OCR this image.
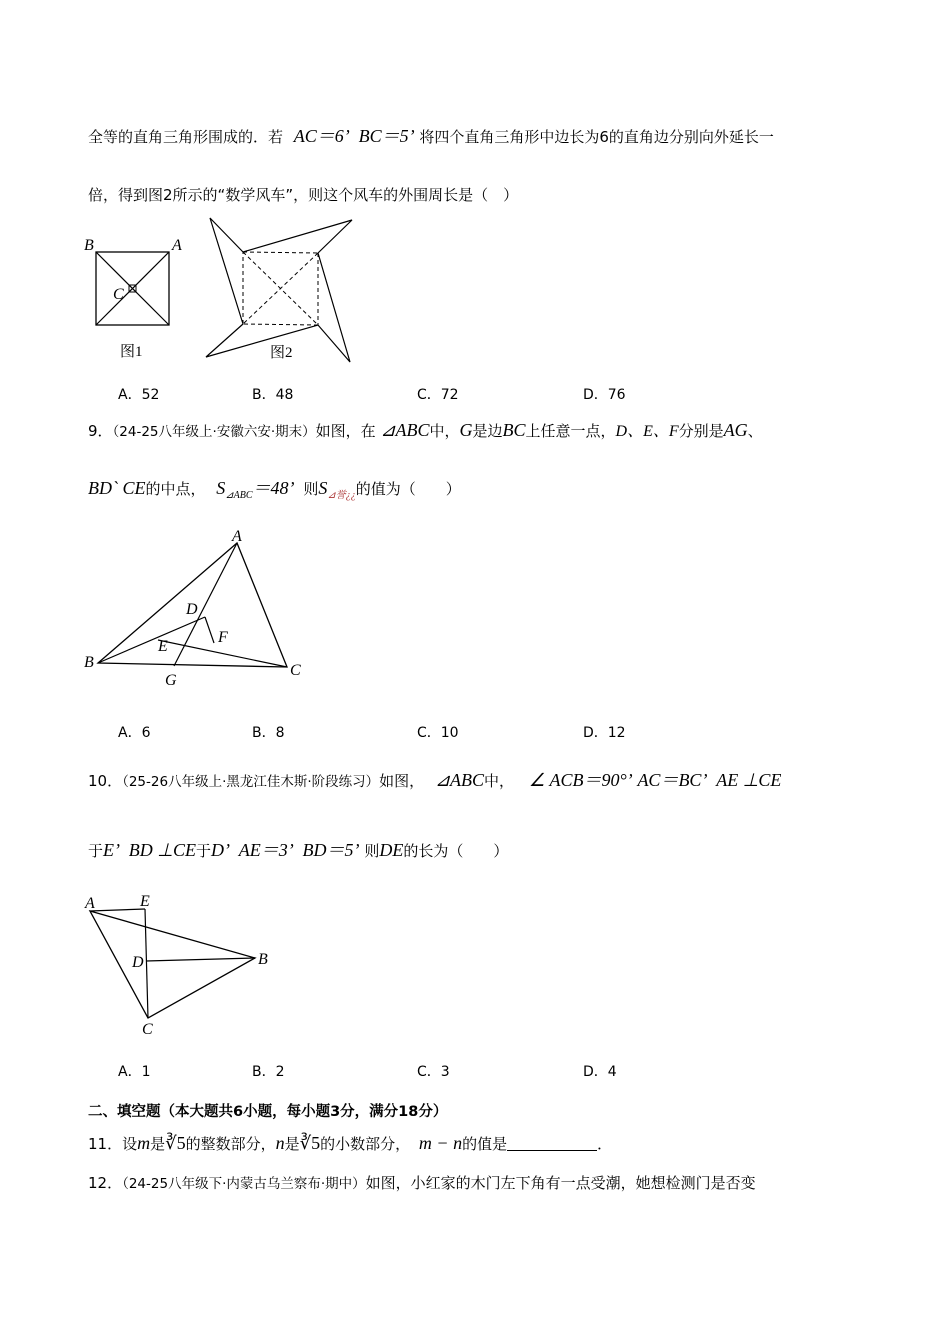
全等的直角三角形围成的．若 AC＝6’ BC＝5’ 将四个直角三角形中边长为6的直角边分别向外延长一
倍，得到图2所示的“数学风车”，则这个风车的外围周长是（　）
B	A
C
图1	图2
A．52	B．48	C．72	D．76
9．（24-25八年级上·安徽六安·期末）如图，在 ⊿ABC中，G是边BC上任意一点，D、E、F分别是AG、
BD` CE的中点， $S_{⊿ABC}=48$’ 则$S_{⊿誉¿¿}$的值为（　　）
A
B	C
D
E
F
G
A．6	B．8	C．10	D．12
10．（25-26八年级上·黑龙江佳木斯·阶段练习）如图， ⊿ABC中， ∠ ACB＝90°’ AC＝BC’ AE ⊥CE
于E’ BD ⊥CE于D’ AE＝3’ BD＝5’ 则DE的长为（　　）
A	E
D	B
C
A．1	B．2	C．3	D．4
二、填空题（本大题共6小题，每小题3分，满分18分）
11．设m是∛5的整数部分，n是∛5的小数部分， m − n的值是	．
12．（24-25八年级下·内蒙古乌兰察布·期中）如图，小红家的木门左下角有一点受潮，她想检测门是否变
